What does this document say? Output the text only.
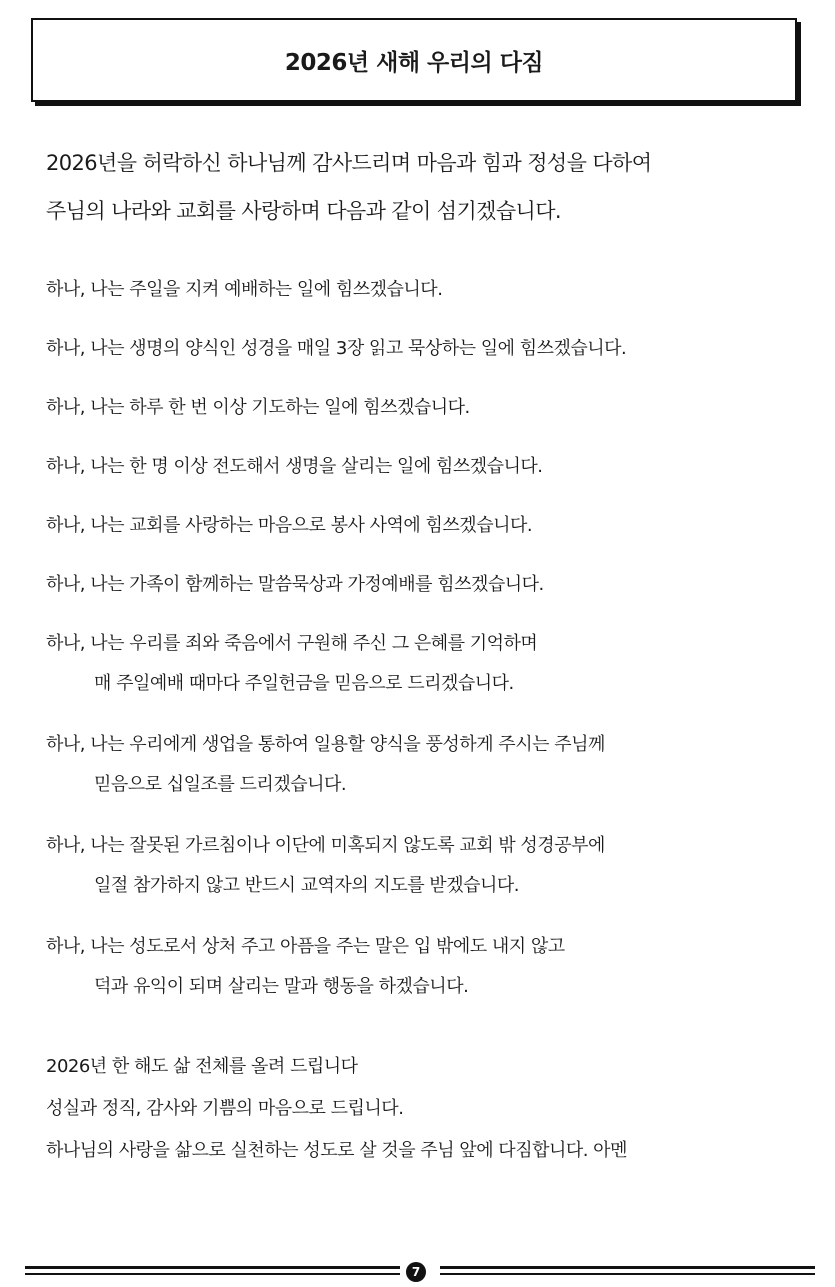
2026년 새해 우리의 다짐
2026년을 허락하신 하나님께 감사드리며 마음과 힘과 정성을 다하여
주님의 나라와 교회를 사랑하며 다음과 같이 섬기겠습니다.
하나, 나는 주일을 지켜 예배하는 일에 힘쓰겠습니다.
하나, 나는 생명의 양식인 성경을 매일 3장 읽고 묵상하는 일에 힘쓰겠습니다.
하나, 나는 하루 한 번 이상 기도하는 일에 힘쓰겠습니다.
하나, 나는 한 명 이상 전도해서 생명을 살리는 일에 힘쓰겠습니다.
하나, 나는 교회를 사랑하는 마음으로 봉사 사역에 힘쓰겠습니다.
하나, 나는 가족이 함께하는 말씀묵상과 가정예배를 힘쓰겠습니다.
하나, 나는 우리를 죄와 죽음에서 구원해 주신 그 은혜를 기억하며
매 주일예배 때마다 주일헌금을 믿음으로 드리겠습니다.
하나, 나는 우리에게 생업을 통하여 일용할 양식을 풍성하게 주시는 주님께
믿음으로 십일조를 드리겠습니다.
하나, 나는 잘못된 가르침이나 이단에 미혹되지 않도록 교회 밖 성경공부에
일절 참가하지 않고 반드시 교역자의 지도를 받겠습니다.
하나, 나는 성도로서 상처 주고 아픔을 주는 말은 입 밖에도 내지 않고
덕과 유익이 되며 살리는 말과 행동을 하겠습니다.
2026년 한 해도 삶 전체를 올려 드립니다
성실과 정직, 감사와 기쁨의 마음으로 드립니다.
하나님의 사랑을 삶으로 실천하는 성도로 살 것을 주님 앞에 다짐합니다. 아멘
7
